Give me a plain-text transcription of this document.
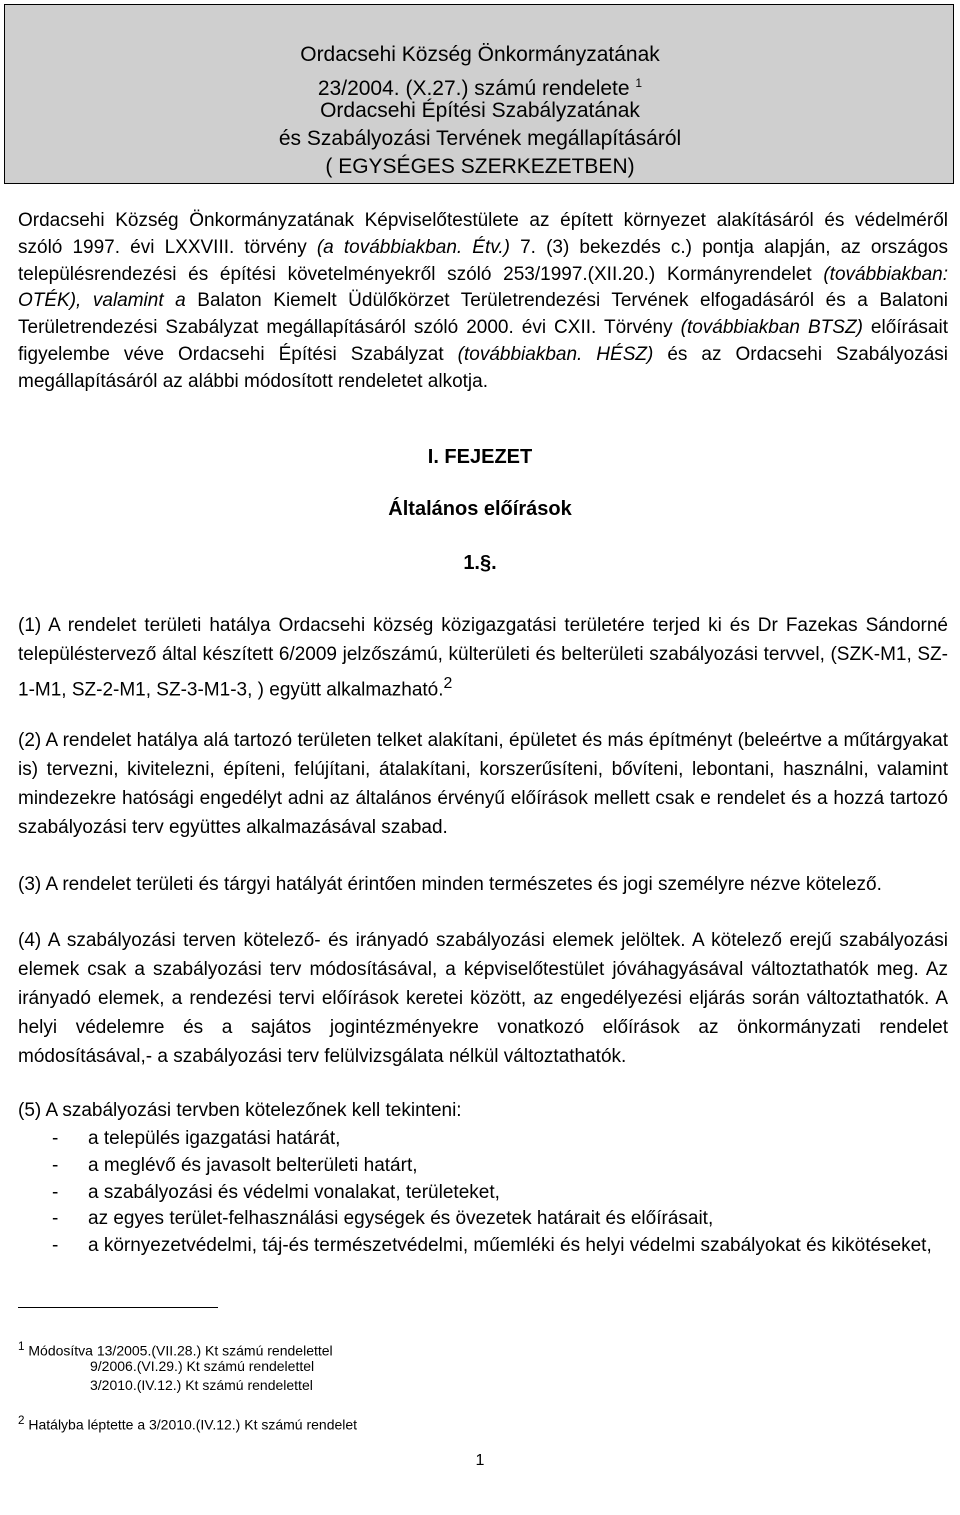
Ordacsehi Község Önkormányzatának
23/2004. (X.27.) számú rendelete $^1$
Ordacsehi Építési Szabályzatának
és Szabályozási Tervének megállapításáról
( EGYSÉGES SZERKEZETBEN)

Ordacsehi Község Önkormányzatának Képviselőtestülete az épített környezet alakításáról és védelméről szóló 1997. évi LXXVIII. törvény (a továbbiakban. Étv.) 7. (3) bekezdés c.) pontja alapján, az országos településrendezési és építési követelményekről szóló 253/1997.(XII.20.) Kormányrendelet (továbbiakban: OTÉK), valamint a Balaton Kiemelt Üdülőkörzet Területrendezési Tervének elfogadásáról és a Balatoni Területrendezési Szabályzat megállapításáról szóló 2000. évi CXII. Törvény (továbbiakban BTSZ) előírásait figyelembe véve Ordacsehi Építési Szabályzat (továbbiakban. HÉSZ) és az Ordacsehi Szabályozási megállapításáról az alábbi módosított rendeletet alkotja.

I. FEJEZET
Általános előírások
1.§.

(1) A rendelet területi hatálya Ordacsehi község közigazgatási területére terjed ki és Dr Fazekas Sándorné településtervező által készített 6/2009 jelzőszámú, külterületi és belterületi szabályozási tervvel, (SZK-M1, SZ-1-M1, SZ-2-M1, SZ-3-M1-3, ) együtt alkalmazható.$^2$

(2) A rendelet hatálya alá tartozó területen telket alakítani, épületet és más építményt (beleértve a műtárgyakat is) tervezni, kivitelezni, építeni, felújítani, átalakítani, korszerűsíteni, bővíteni, lebontani, használni, valamint mindezekre hatósági engedélyt adni az általános érvényű előírások mellett csak e rendelet és a hozzá tartozó szabályozási terv együttes alkalmazásával szabad.
(3) A rendelet területi és tárgyi hatályát érintően minden természetes és jogi személyre nézve kötelező.
(4) A szabályozási terven kötelező- és irányadó szabályozási elemek jelöltek. A kötelező erejű szabályozási elemek csak a szabályozási terv módosításával, a képviselőtestület jóváhagyásával változtathatók meg. Az irányadó elemek, a rendezési tervi előírások keretei között, az engedélyezési eljárás során változtathatók. A helyi védelemre és a sajátos jogintézményekre vonatkozó előírások az önkormányzati rendelet módosításával,- a szabályozási terv felülvizsgálata nélkül változtathatók.
(5) A szabályozási tervben kötelezőnek kell tekinteni:
-	a település igazgatási határát,
-	a meglévő és javasolt belterületi határt,
-	a szabályozási és védelmi vonalakat, területeket,
-	az egyes terület-felhasználási egységek és övezetek határait és előírásait,
-	a környezetvédelmi, táj-és természetvédelmi, műemléki és helyi védelmi szabályokat és kikötéseket,
$^1$ Módosítva 13/2005.(VII.28.) Kt számú rendelettel
9/2006.(VI.29.) Kt számú rendelettel
3/2010.(IV.12.) Kt számú rendelettel
$^2$ Hatályba léptette a 3/2010.(IV.12.) Kt számú rendelet
1
